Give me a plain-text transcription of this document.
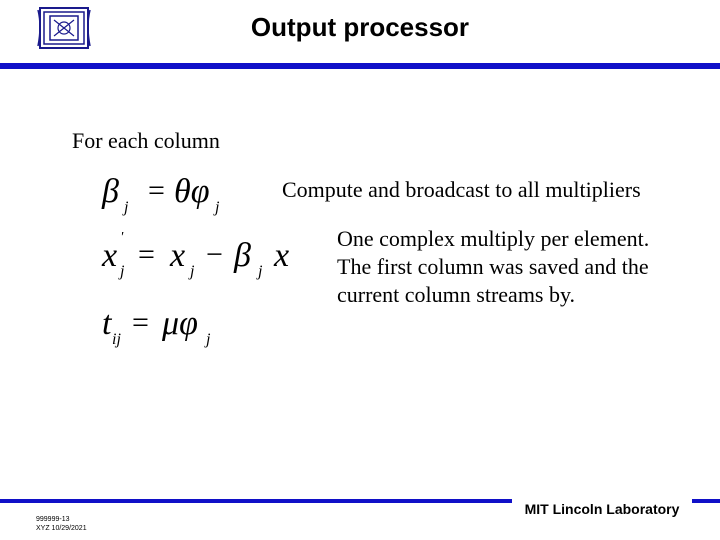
Output processor
For each column
β j
= θφ j
Compute and broadcast to all multipliers
x '
j
= x j
− β j x One complex multiply per element.
The first column was saved and the
current column streams by.
t ij
= μφ j
MIT Lincoln Laboratory
999999-13
XYZ 10/29/2021
